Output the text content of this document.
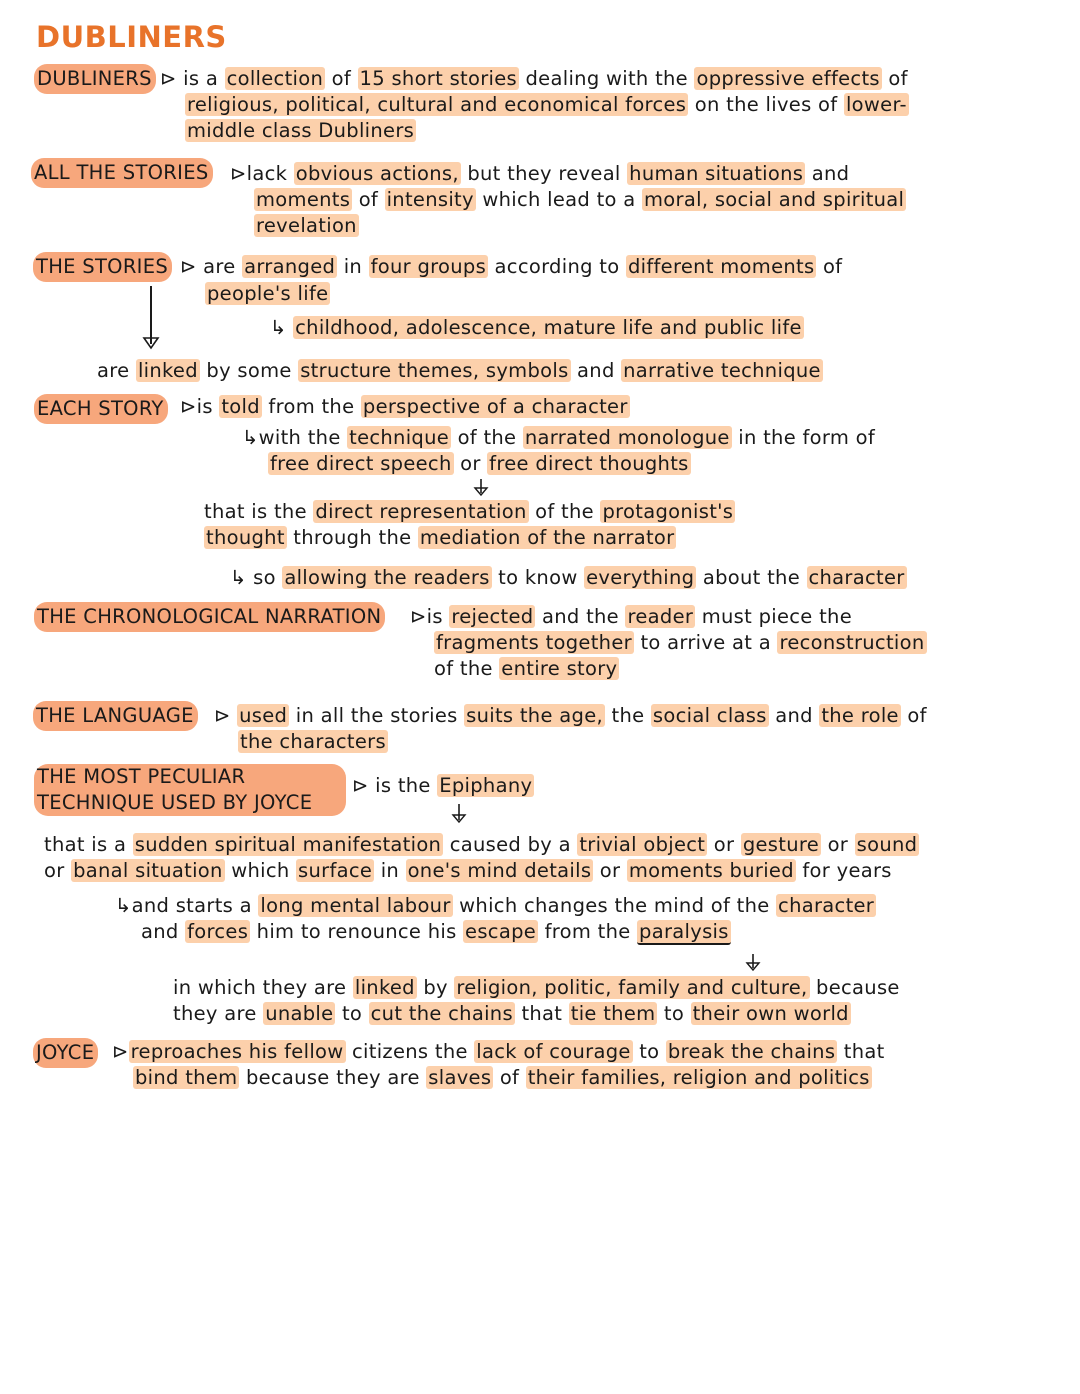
DUBLINERS
DUBLINERS ⊳ is a collection of 15 short stories dealing with the oppressive effects of
religious, political, cultural and economical forces on the lives of lower-
middle class Dubliners
ALL THE STORIES ⊳lack obvious actions, but they reveal human situations and
moments of intensity which lead to a moral, social and spiritual
revelation
THE STORIES ⊳ are arranged in four groups according to different moments of
people's life
↳ childhood, adolescence, mature life and public life
are linked by some structure themes, symbols and narrative technique
EACH STORY ⊳is told from the perspective of a character
↳with the technique of the narrated monologue in the form of
free direct speech or free direct thoughts
that is the direct representation of the protagonist's
thought through the mediation of the narrator
↳ so allowing the readers to know everything about the character
THE CHRONOLOGICAL NARRATION ⊳is rejected and the reader must piece the
fragments together to arrive at a reconstruction
of the entire story
THE LANGUAGE ⊳ used in all the stories suits the age, the social class and the role of
the characters
THE MOST PECULIAR
TECHNIQUE USED BY JOYCE
⊳ is the Epiphany
that is a sudden spiritual manifestation caused by a trivial object or gesture or sound
or banal situation which surface in one's mind details or moments buried for years
↳and starts a long mental labour which changes the mind of the character
and forces him to renounce his escape from the paralysis
in which they are linked by religion, politic, family and culture, because
they are unable to cut the chains that tie them to their own world
JOYCE ⊳ reproaches his fellow citizens the lack of courage to break the chains that
bind them because they are slaves of their families, religion and politics
